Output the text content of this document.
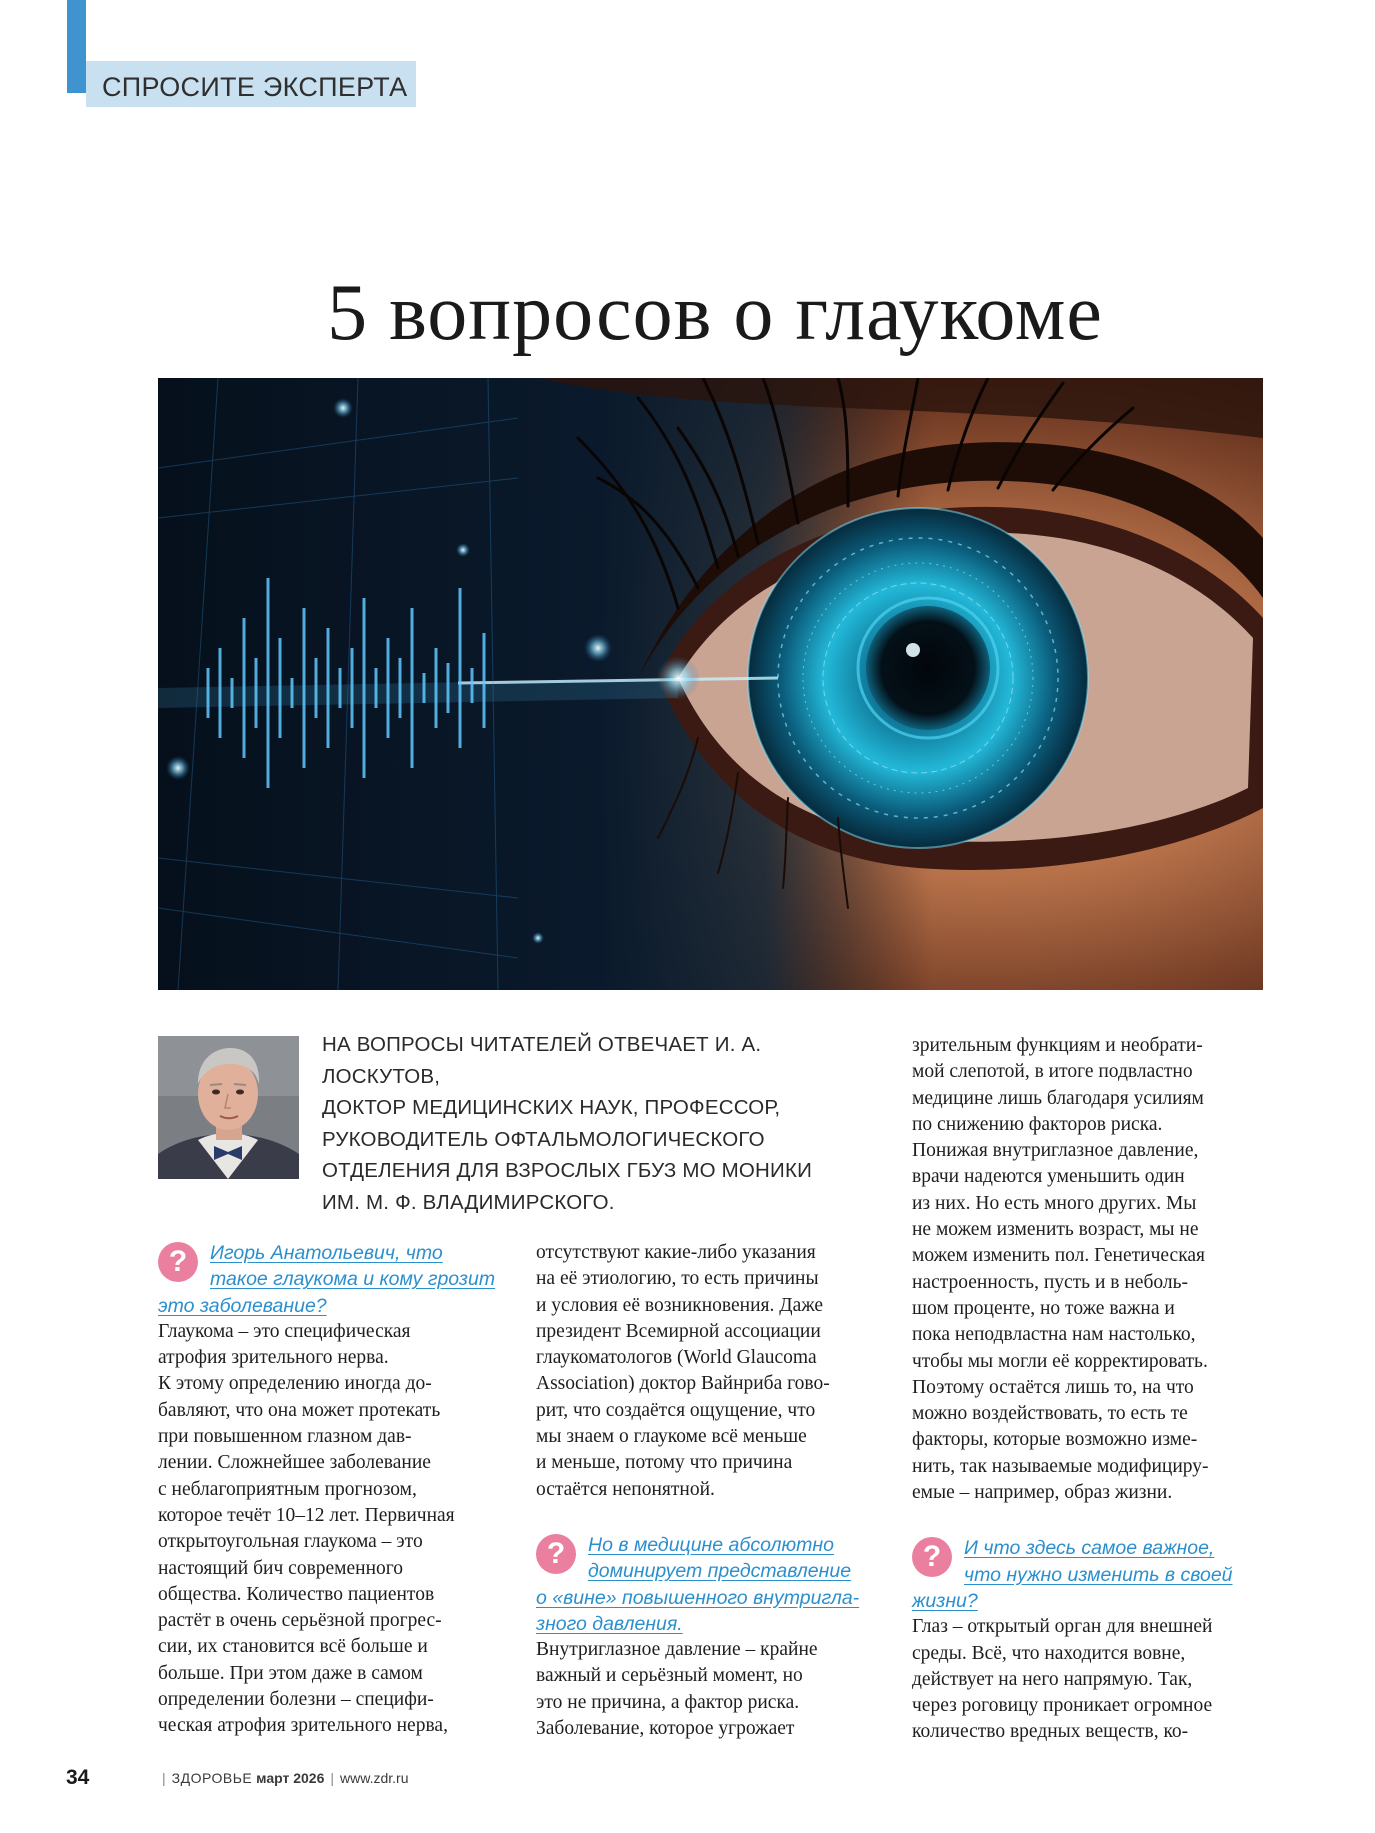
СПРОСИТЕ ЭКСПЕРТА
5 вопросов о глаукоме
НА ВОПРОСЫ ЧИТАТЕЛЕЙ ОТВЕЧАЕТ И. А. ЛОСКУТОВ,
ДОКТОР МЕДИЦИНСКИХ НАУК, ПРОФЕССОР,
РУКОВОДИТЕЛЬ ОФТАЛЬМОЛОГИЧЕСКОГО
ОТДЕЛЕНИЯ ДЛЯ ВЗРОСЛЫХ ГБУЗ МО МОНИКИ
ИМ. М. Ф. ВЛАДИМИРСКОГО.
?	Игорь Анатольевич, что
такое глаукома и кому грозит
это заболевание?

Глаукома – это специфическая

атрофия зрительного нерва.

К этому определению иногда до-

бавляют, что она может протекать

при повышенном глазном дав-

лении. Сложнейшее заболевание

с неблагоприятным прогнозом,

которое течёт 10–12 лет. Первичная

открытоугольная глаукома – это

настоящий бич современного

общества. Количество пациентов

растёт в очень серьёзной прогрес-

сии, их становится всё больше и

больше. При этом даже в самом

определении болезни – специфи-

ческая атрофия зрительного нерва,

отсутствуют какие-либо указания

на её этиологию, то есть причины

и условия её возникновения. Даже

президент Всемирной ассоциации

глаукоматологов (World Glaucoma

Association) доктор Вайнриба гово-

рит, что создаётся ощущение, что

мы знаем о глаукоме всё меньше

и меньше, потому что причина

остаётся непонятной.

?	Но в медицине абсолютно
доминирует представление
о «вине» повышенного внутригла-
зного давления.

Внутриглазное давление – крайне

важный и серьёзный момент, но

это не причина, а фактор риска.

Заболевание, которое угрожает

зрительным функциям и необрати-

мой слепотой, в итоге подвластно

медицине лишь благодаря усилиям

по снижению факторов риска.

Понижая внутриглазное давление,

врачи надеются уменьшить один

из них. Но есть много других. Мы

не можем изменить возраст, мы не

можем изменить пол. Генетическая

настроенность, пусть и в неболь-

шом проценте, но тоже важна и

пока неподвластна нам настолько,

чтобы мы могли её корректировать.

Поэтому остаётся лишь то, на что

можно воздействовать, то есть те

факторы, которые возможно изме-

нить, так называемые модифициру-

емые – например, образ жизни.

?	И что здесь самое важное,
что нужно изменить в своей
жизни?

Глаз – открытый орган для внешней

среды. Всё, что находится вовне,

действует на него напрямую. Так,

через роговицу проникает огромное

количество вредных веществ, ко-

34	| ЗДОРОВЬЕ март 2026 | www.zdr.ru
